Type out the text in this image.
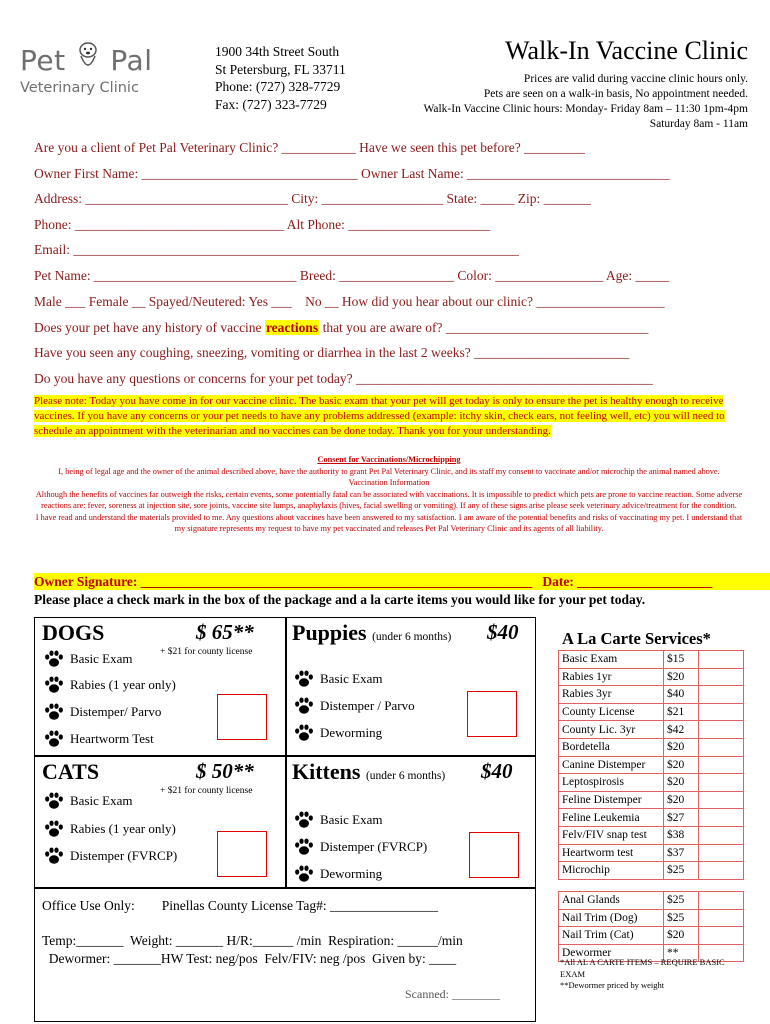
Pet Pal
Veterinary Clinic
1900 34th Street South
St Petersburg, FL 33711
Phone: (727) 328-7729
Fax: (727) 323-7729
Walk-In Vaccine Clinic
Prices are valid during vaccine clinic hours only.
Pets are seen on a walk-in basis, No appointment needed.
Walk-In Vaccine Clinic hours: Monday- Friday 8am – 11:30 1pm-4pm
Saturday 8am - 11am
Are you a client of Pet Pal Veterinary Clinic? ___________ Have we seen this pet before? _________
Owner First Name: ________________________________ Owner Last Name: ______________________________
Address: ______________________________ City: __________________ State: _____ Zip: _______
Phone: _______________________________ Alt Phone: _____________________
Email: __________________________________________________________________
Pet Name: ______________________________ Breed: _________________ Color: ________________ Age: _____
Male ___ Female __ Spayed/Neutered: Yes ___    No __ How did you hear about our clinic? ___________________
Does your pet have any history of vaccine reactions that you are aware of? ______________________________
Have you seen any coughing, sneezing, vomiting or diarrhea in the last 2 weeks? _______________________
Do you have any questions or concerns for your pet today? ____________________________________________
Please note: Today you have come in for our vaccine clinic. The basic exam that your pet will get today is only to ensure the pet is healthy enough to receive vaccines. If you have any concerns or your pet needs to have any problems addressed (example: itchy skin, check ears, not feeling well, etc) you will need to schedule an appointment with the veterinarian and no vaccines can be done today. Thank you for your understanding.
Consent for Vaccinations/Microchipping
I, being of legal age and the owner of the animal described above, have the authority to grant Pet Pal Veterinary Clinic, and its staff my consent to vaccinate and/or microchip the animal named above.
Vaccination Information
Although the benefits of vaccines far outweigh the risks, certain events, some potentially fatal can be associated with vaccinations. It is impossible to predict which pets are prone to vaccine reaction. Some adverse reactions are: fever, soreness at injection site, sore joints, vaccine site lumps, anaphylaxis (hives, facial swelling or vomiting). If any of these signs arise please seek veterinary advice/treatment for the condition.
I have read and understand the materials provided to me. Any questions about vaccines have been answered to my satisfaction. I am aware of the potential benefits and risks of vaccinating my pet. I understand that my signature represents my request to have my pet vaccinated and releases Pet Pal Veterinary Clinic and its agents of all liability.
Owner Signature: __________________________________________________________   Date: ____________________
Please place a check mark in the box of the package and a la carte items you would like for your pet today.
DOGS	$ 65**
+ $21 for county license
Basic Exam
Rabies (1 year only)
Distemper/ Parvo
Heartworm Test
Puppies (under 6 months) $40
Basic Exam
Distemper / Parvo
Deworming
CATS	$ 50**
+ $21 for county license
Basic Exam
Rabies (1 year only)
Distemper (FVRCP)
Kittens (under 6 months) $40
Basic Exam
Distemper (FVRCP)
Deworming
Office Use Only:        Pinellas County License Tag#: ________________
Temp:_______  Weight: _______ H/R:______ /min  Respiration: ______/min
Dewormer: _______HW Test: neg/pos  Felv/FIV: neg /pos  Given by: ____
Scanned: ________
A La Carte Services*
Basic Exam	$15	
Rabies 1yr	$20	
Rabies 3yr	$40	
County License	$21	
County Lic. 3yr	$42	
Bordetella	$20	
Canine Distemper	$20	
Leptospirosis	$20	
Feline Distemper	$20	
Feline Leukemia	$27	
Felv/FIV snap test	$38	
Heartworm test	$37	
Microchip	$25	
Anal Glands	$25	
Nail Trim (Dog)	$25	
Nail Trim (Cat)	$20	
Dewormer	**	
*All AL A CARTE ITEMS – REQUIRE BASIC EXAM
**Dewormer priced by weight
